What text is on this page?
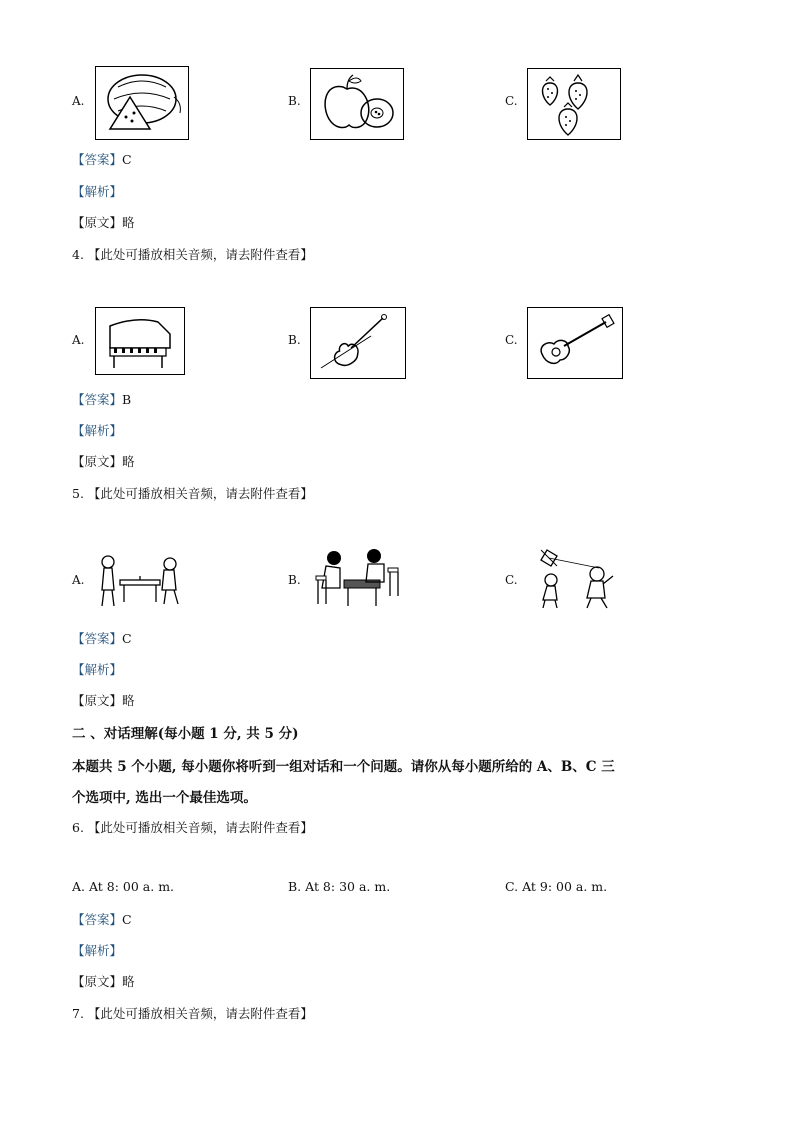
A.	B.	C.
【答案】C
【解析】
【原文】略
4. 【此处可播放相关音频，请去附件查看】
A.	B.	C.
【答案】B
【解析】
【原文】略
5. 【此处可播放相关音频，请去附件查看】
A.	B.	C.
【答案】C
【解析】
【原文】略
二 、对话理解(每小题 1 分, 共 5 分)
本题共 5 个小题, 每小题你将听到一组对话和一个问题。请你从每小题所给的 A、B、C 三
个选项中, 选出一个最佳选项。
6. 【此处可播放相关音频，请去附件查看】
A. At 8: 00 a. m.	B. At 8: 30 a. m.	C. At 9: 00 a. m.
【答案】C
【解析】
【原文】略
7. 【此处可播放相关音频，请去附件查看】
